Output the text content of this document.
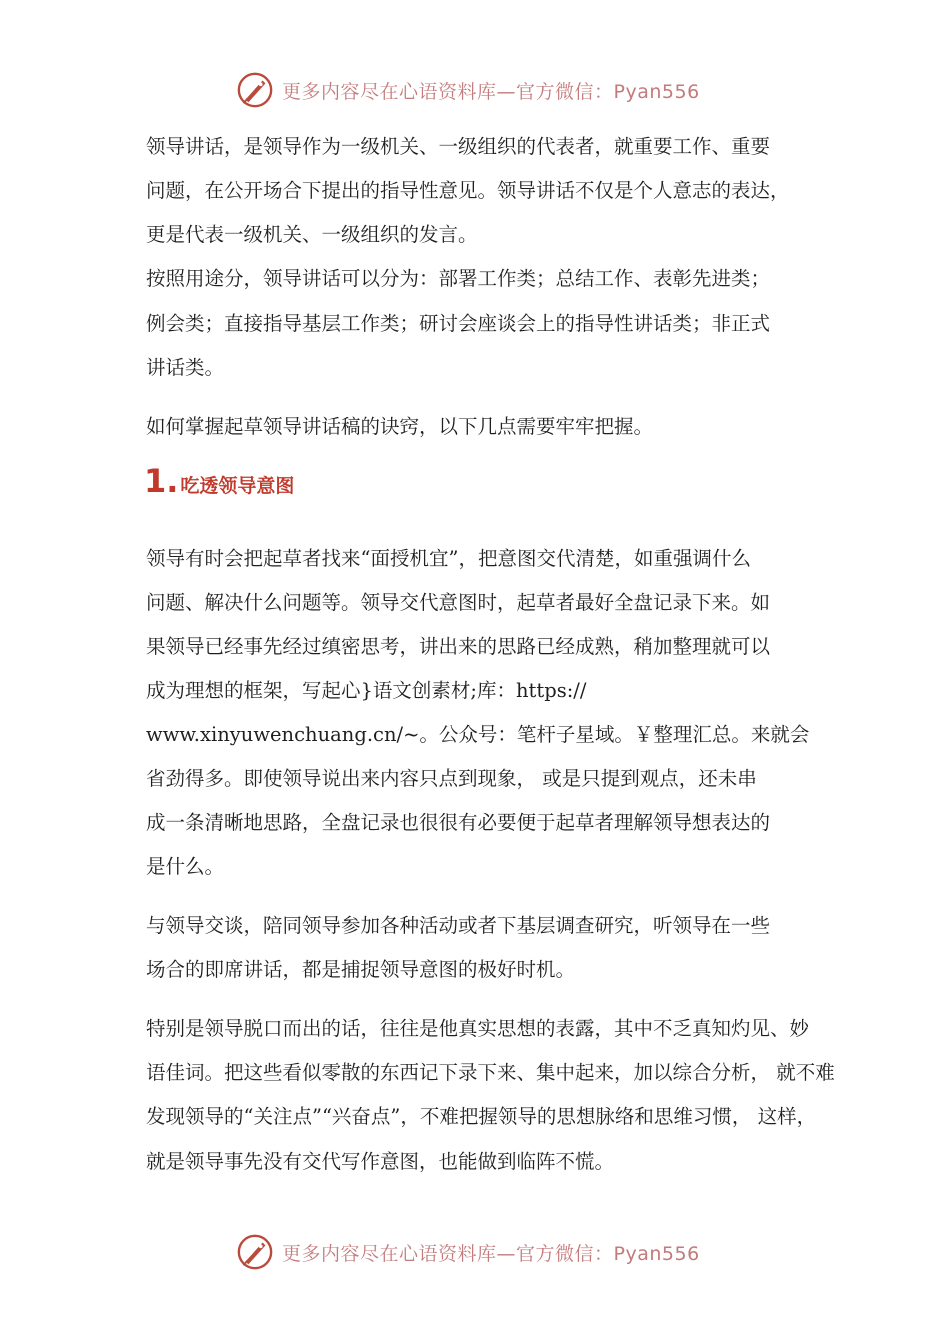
更多内容尽在心语资料库—官方微信：Pyan556
领导讲话，是领导作为一级机关、一级组织的代表者，就重要工作、重要
问题，在公开场合下提出的指导性意见。领导讲话不仅是个人意志的表达，
更是代表一级机关、一级组织的发言。
按照用途分，领导讲话可以分为：部署工作类；总结工作、表彰先进类；
例会类；直接指导基层工作类；研讨会座谈会上的指导性讲话类；非正式
讲话类。
如何掌握起草领导讲话稿的诀窍，以下几点需要牢牢把握。
1. 吃透领导意图
领导有时会把起草者找来“面授机宜”，把意图交代清楚，如重强调什么
问题、解决什么问题等。领导交代意图时，起草者最好全盘记录下来。如
果领导已经事先经过缜密思考，讲出来的思路已经成熟，稍加整理就可以
成为理想的框架，写起心}语文创素材;库：https://
www.xinyuwenchuang.cn/~。公众号：笔杆子星域。￥整理汇总。来就会
省劲得多。即使领导说出来内容只点到现象， 或是只提到观点，还未串
成一条清晰地思路，全盘记录也很很有必要便于起草者理解领导想表达的
是什么。
与领导交谈，陪同领导参加各种活动或者下基层调查研究，听领导在一些
场合的即席讲话，都是捕捉领导意图的极好时机。
特别是领导脱口而出的话，往往是他真实思想的表露，其中不乏真知灼见、妙
语佳词。把这些看似零散的东西记下录下来、集中起来，加以综合分析， 就不难
发现领导的“关注点”“兴奋点”，不难把握领导的思想脉络和思维习惯， 这样，
就是领导事先没有交代写作意图，也能做到临阵不慌。
更多内容尽在心语资料库—官方微信：Pyan556
